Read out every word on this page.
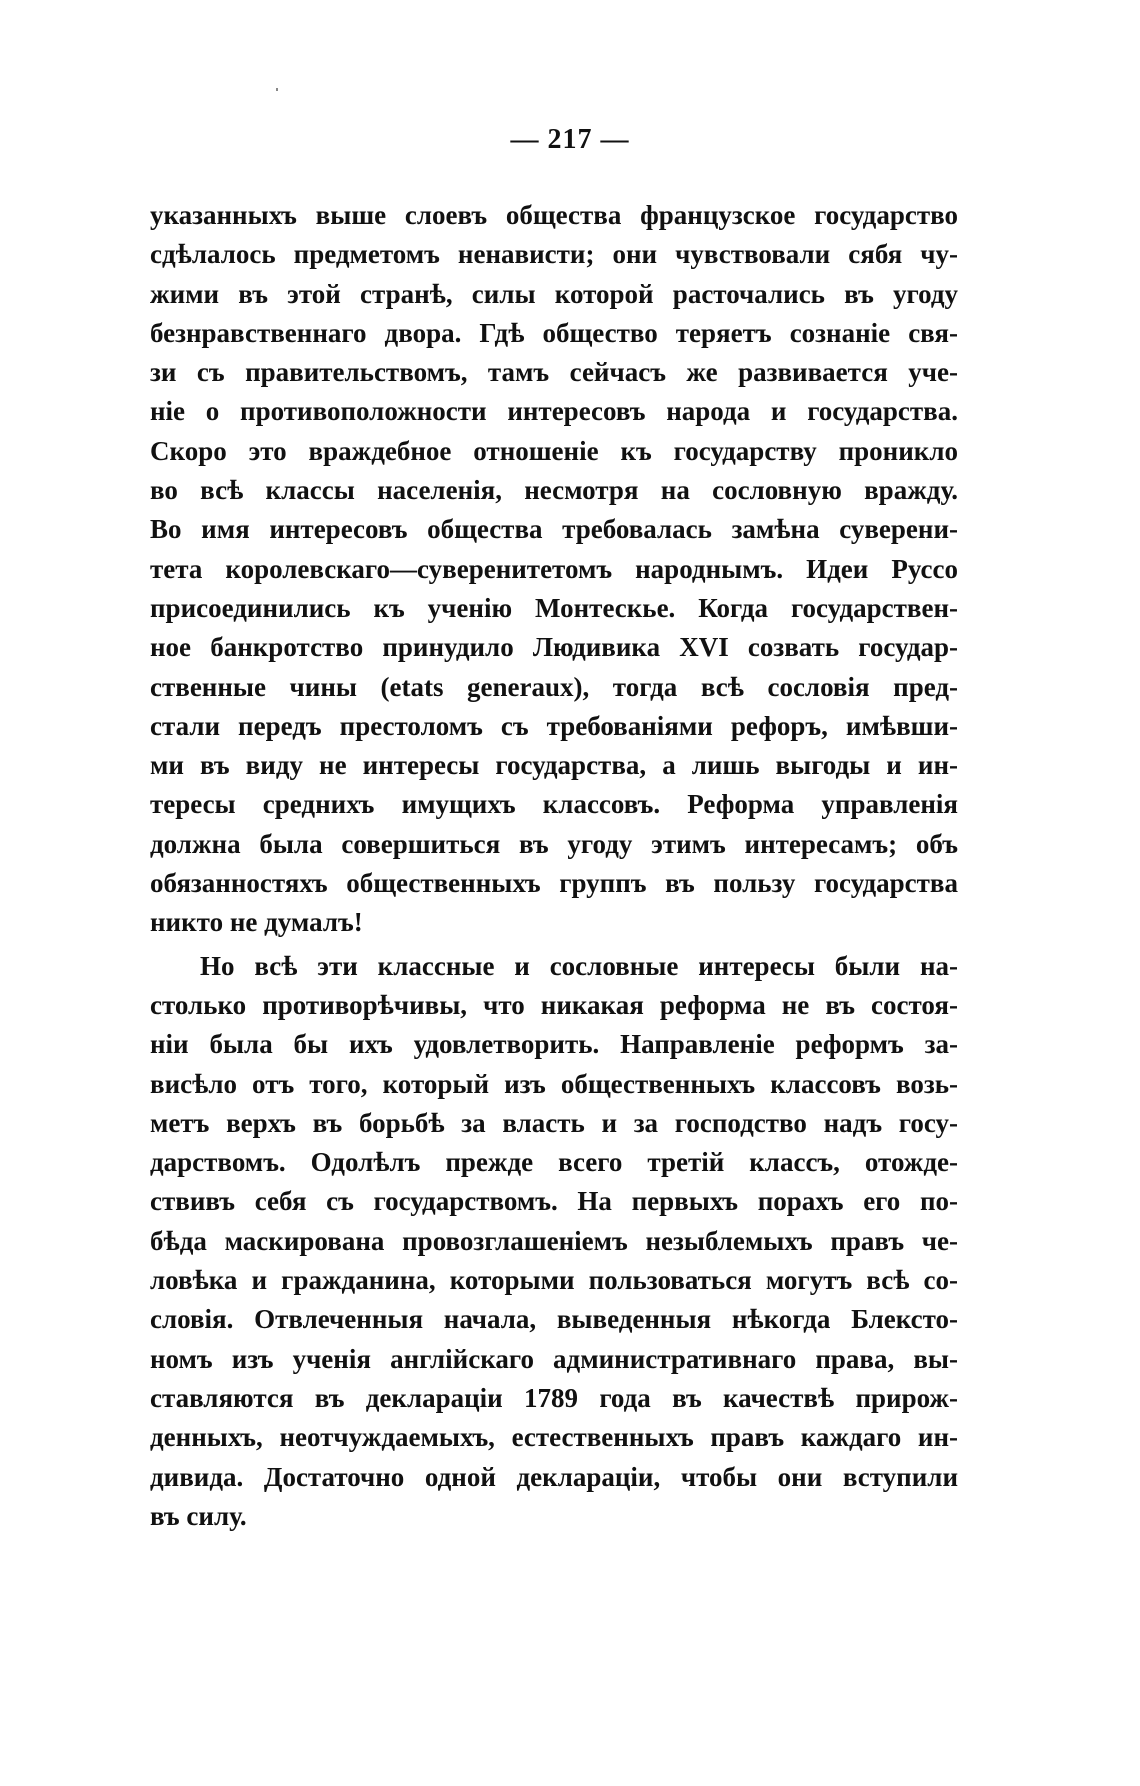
— 217 —
указанныхъ выше слоевъ общества французское государство
сдѣлалось предметомъ ненависти; они чувствовали сябя чу-
жими въ этой странѣ, силы которой расточались въ угоду
безнравственнаго двора. Гдѣ общество теряетъ сознаніе свя-
зи съ правительствомъ, тамъ сейчасъ же развивается уче-
ніе о противоположности интересовъ народа и государства.
Скоро это враждебное отношеніе къ государству проникло
во всѣ классы населенія, несмотря на сословную вражду.
Во имя интересовъ общества требовалась замѣна суверени-
тета королевскаго—суверенитетомъ народнымъ. Идеи Руссо
присоединились къ ученію Монтескье. Когда государствен-
ное банкротство принудило Людивика XVI созвать государ-
ственные чины (etats generaux), тогда всѣ сословія пред-
стали передъ престоломъ съ требованіями рефоръ, имѣвши-
ми въ виду не интересы государства, а лишь выгоды и ин-
тересы среднихъ имущихъ классовъ. Реформа управленія
должна была совершиться въ угоду этимъ интересамъ; объ
обязанностяхъ общественныхъ группъ въ пользу государства
никто не думалъ!
Но всѣ эти классные и сословные интересы были на-
столько противорѣчивы, что никакая реформа не въ состоя-
ніи была бы ихъ удовлетворить. Направленіе реформъ за-
висѣло отъ того, который изъ общественныхъ классовъ возь-
метъ верхъ въ борьбѣ за власть и за господство надъ госу-
дарствомъ. Одолѣлъ прежде всего третій классъ, отождe-
ствивъ себя съ государствомъ. На первыхъ порахъ его по-
бѣда маскирована провозглашеніемъ незыблемыхъ правъ че-
ловѣка и гражданина, которыми пользоваться могутъ всѣ со-
словія. Отвлеченныя начала, выведенныя нѣкогда Блексто-
номъ изъ ученія англійскаго административнаго права, вы-
ставляются въ деклараціи 1789 года въ качествѣ прирож-
денныхъ, неотчуждаемыхъ, естественныхъ правъ каждаго ин-
дивида. Достаточно одной деклараціи, чтобы они вступили
въ силу.
